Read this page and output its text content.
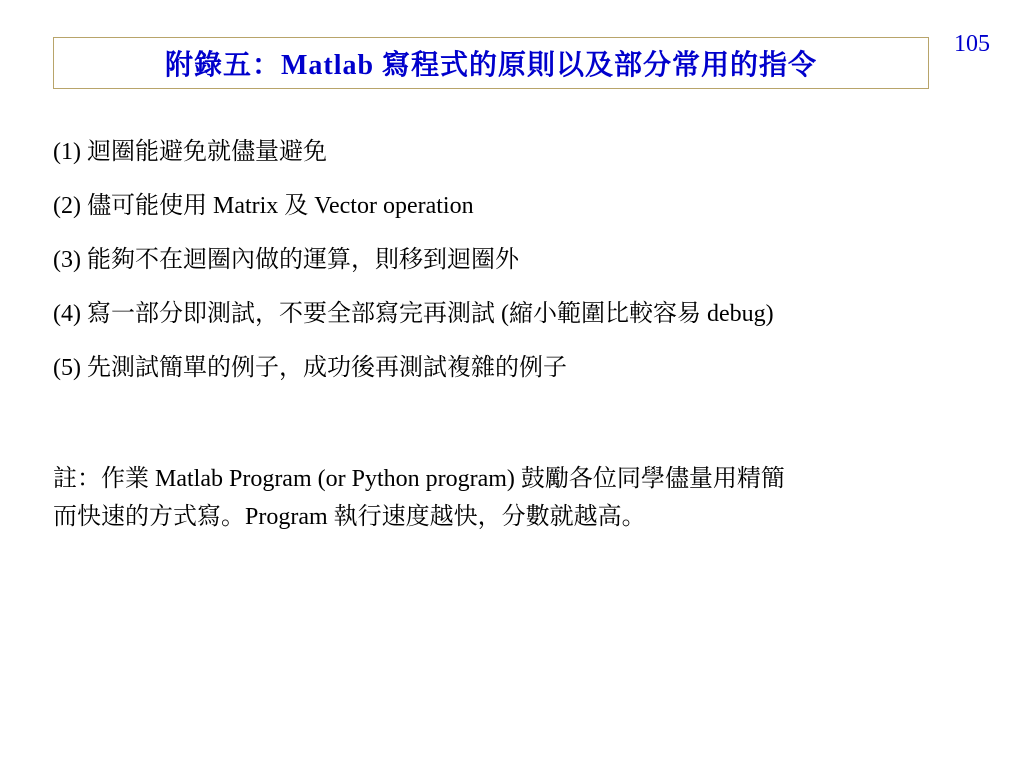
105
附錄五：Matlab 寫程式的原則以及部分常用的指令
(1) 迴圈能避免就儘量避免
(2) 儘可能使用 Matrix 及 Vector operation
(3) 能夠不在迴圈內做的運算，則移到迴圈外
(4) 寫一部分即測試，不要全部寫完再測試 (縮小範圍比較容易 debug)
(5) 先測試簡單的例子，成功後再測試複雜的例子

註：作業 Matlab Program (or Python program) 鼓勵各位同學儘量用精簡
而快速的方式寫。Program 執行速度越快，分數就越高。
